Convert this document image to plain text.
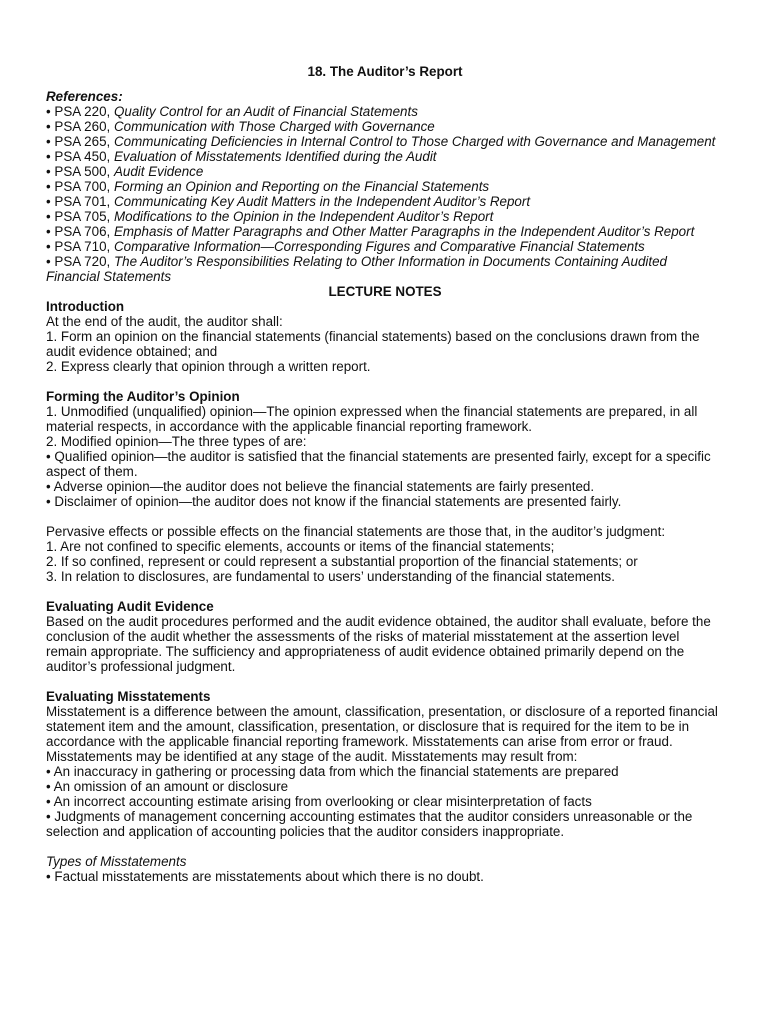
18. The Auditor’s Report
References:
• PSA 220, Quality Control for an Audit of Financial Statements
• PSA 260, Communication with Those Charged with Governance
• PSA 265, Communicating Deficiencies in Internal Control to Those Charged with Governance and Management
• PSA 450, Evaluation of Misstatements Identified during the Audit
• PSA 500, Audit Evidence
• PSA 700, Forming an Opinion and Reporting on the Financial Statements
• PSA 701, Communicating Key Audit Matters in the Independent Auditor’s Report
• PSA 705, Modifications to the Opinion in the Independent Auditor’s Report
• PSA 706, Emphasis of Matter Paragraphs and Other Matter Paragraphs in the Independent Auditor’s Report
• PSA 710, Comparative Information—Corresponding Figures and Comparative Financial Statements
• PSA 720, The Auditor’s Responsibilities Relating to Other Information in Documents Containing Audited Financial Statements
LECTURE NOTES
Introduction
At the end of the audit, the auditor shall:
1. Form an opinion on the financial statements (financial statements) based on the conclusions drawn from the audit evidence obtained; and
2. Express clearly that opinion through a written report.
Forming the Auditor’s Opinion
1. Unmodified (unqualified) opinion—The opinion expressed when the financial statements are prepared, in all material respects, in accordance with the applicable financial reporting framework.
2. Modified opinion—The three types of are:
• Qualified opinion—the auditor is satisfied that the financial statements are presented fairly, except for a specific aspect of them.
• Adverse opinion—the auditor does not believe the financial statements are fairly presented.
• Disclaimer of opinion—the auditor does not know if the financial statements are presented fairly.
Pervasive effects or possible effects on the financial statements are those that, in the auditor’s judgment:
1. Are not confined to specific elements, accounts or items of the financial statements;
2. If so confined, represent or could represent a substantial proportion of the financial statements; or
3. In relation to disclosures, are fundamental to users’ understanding of the financial statements.
Evaluating Audit Evidence
Based on the audit procedures performed and the audit evidence obtained, the auditor shall evaluate, before the conclusion of the audit whether the assessments of the risks of material misstatement at the assertion level remain appropriate. The sufficiency and appropriateness of audit evidence obtained primarily depend on the auditor’s professional judgment.
Evaluating Misstatements
Misstatement is a difference between the amount, classification, presentation, or disclosure of a reported financial statement item and the amount, classification, presentation, or disclosure that is required for the item to be in accordance with the applicable financial reporting framework. Misstatements can arise from error or fraud. Misstatements may be identified at any stage of the audit. Misstatements may result from:
• An inaccuracy in gathering or processing data from which the financial statements are prepared
• An omission of an amount or disclosure
• An incorrect accounting estimate arising from overlooking or clear misinterpretation of facts
• Judgments of management concerning accounting estimates that the auditor considers unreasonable or the selection and application of accounting policies that the auditor considers inappropriate.
Types of Misstatements
• Factual misstatements are misstatements about which there is no doubt.
